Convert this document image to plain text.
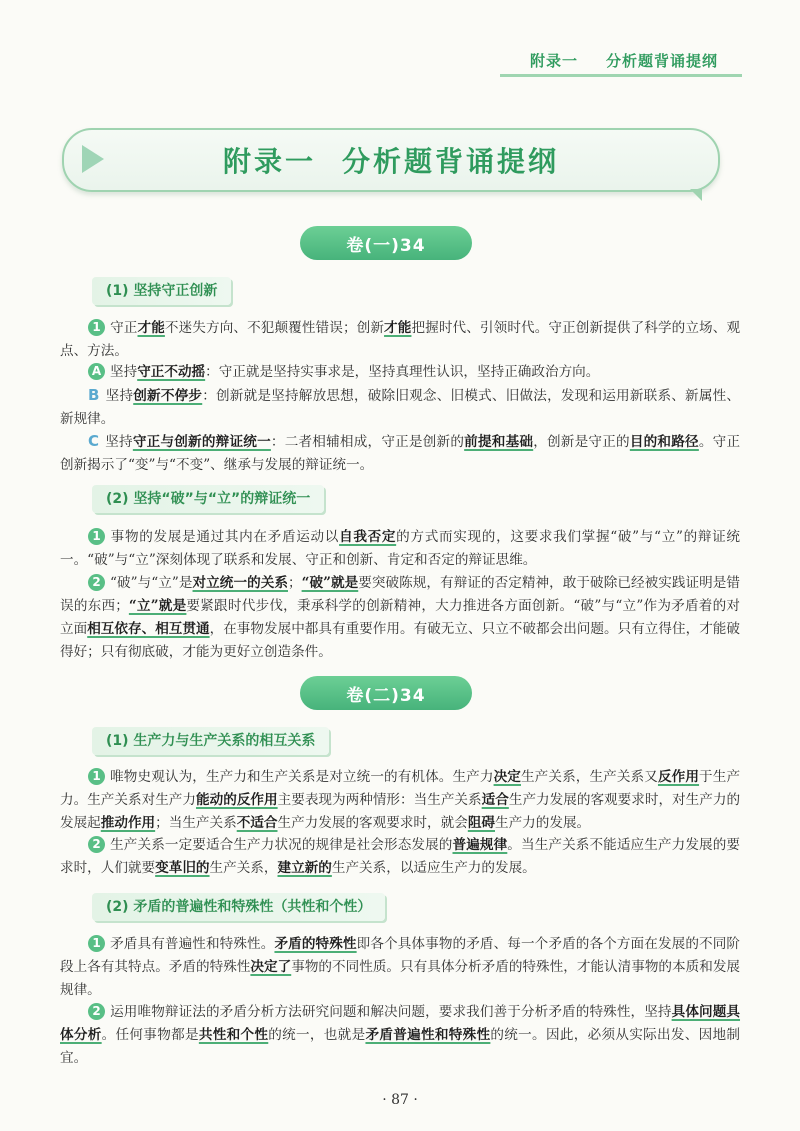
附录一 分析题背诵提纲
附录一 分析题背诵提纲
卷(一)34
(1) 坚持守正创新
1 守正才能不迷失方向、不犯颠覆性错误；创新才能把握时代、引领时代。守正创新提供了科学的立场、观点、方法。
A 坚持守正不动摇：守正就是坚持实事求是，坚持真理性认识，坚持正确政治方向。
B 坚持创新不停步：创新就是坚持解放思想，破除旧观念、旧模式、旧做法，发现和运用新联系、新属性、新规律。
C 坚持守正与创新的辩证统一：二者相辅相成，守正是创新的前提和基础，创新是守正的目的和路径。守正创新揭示了“变”与“不变”、继承与发展的辩证统一。
(2) 坚持“破”与“立”的辩证统一
1 事物的发展是通过其内在矛盾运动以自我否定的方式而实现的，这要求我们掌握“破”与“立”的辩证统一。“破”与“立”深刻体现了联系和发展、守正和创新、肯定和否定的辩证思维。
2 “破”与“立”是对立统一的关系；“破”就是要突破陈规，有辩证的否定精神，敢于破除已经被实践证明是错误的东西；“立”就是要紧跟时代步伐，秉承科学的创新精神，大力推进各方面创新。“破”与“立”作为矛盾着的对立面相互依存、相互贯通，在事物发展中都具有重要作用。有破无立、只立不破都会出问题。只有立得住，才能破得好；只有彻底破，才能为更好立创造条件。
卷(二)34
(1) 生产力与生产关系的相互关系
1 唯物史观认为，生产力和生产关系是对立统一的有机体。生产力决定生产关系，生产关系又反作用于生产力。生产关系对生产力能动的反作用主要表现为两种情形：当生产关系适合生产力发展的客观要求时，对生产力的发展起推动作用；当生产关系不适合生产力发展的客观要求时，就会阻碍生产力的发展。
2 生产关系一定要适合生产力状况的规律是社会形态发展的普遍规律。当生产关系不能适应生产力发展的要求时，人们就要变革旧的生产关系，建立新的生产关系，以适应生产力的发展。
(2) 矛盾的普遍性和特殊性（共性和个性）
1 矛盾具有普遍性和特殊性。矛盾的特殊性即各个具体事物的矛盾、每一个矛盾的各个方面在发展的不同阶段上各有其特点。矛盾的特殊性决定了事物的不同性质。只有具体分析矛盾的特殊性，才能认清事物的本质和发展规律。
2 运用唯物辩证法的矛盾分析方法研究问题和解决问题，要求我们善于分析矛盾的特殊性，坚持具体问题具体分析。任何事物都是共性和个性的统一，也就是矛盾普遍性和特殊性的统一。因此，必须从实际出发、因地制宜。
· 87 ·
